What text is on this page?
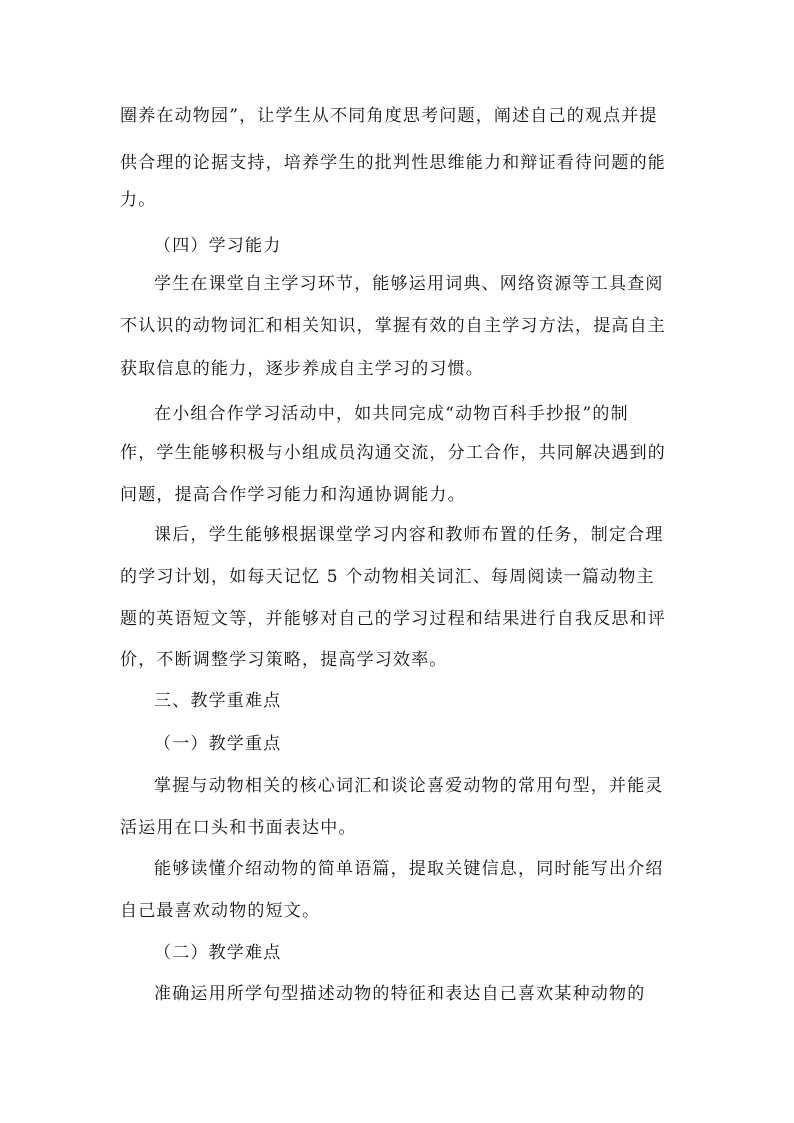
圈养在动物园”，让学生从不同角度思考问题，阐述自己的观点并提
供合理的论据支持，培养学生的批判性思维能力和辩证看待问题的能
力。
（四）学习能力
学生在课堂自主学习环节，能够运用词典、网络资源等工具查阅
不认识的动物词汇和相关知识，掌握有效的自主学习方法，提高自主
获取信息的能力，逐步养成自主学习的习惯。
在小组合作学习活动中，如共同完成“动物百科手抄报”的制
作，学生能够积极与小组成员沟通交流，分工合作，共同解决遇到的
问题，提高合作学习能力和沟通协调能力。
课后，学生能够根据课堂学习内容和教师布置的任务，制定合理
的学习计划，如每天记忆 5 个动物相关词汇、每周阅读一篇动物主
题的英语短文等，并能够对自己的学习过程和结果进行自我反思和评
价，不断调整学习策略，提高学习效率。
三、教学重难点
（一）教学重点
掌握与动物相关的核心词汇和谈论喜爱动物的常用句型，并能灵
活运用在口头和书面表达中。
能够读懂介绍动物的简单语篇，提取关键信息，同时能写出介绍
自己最喜欢动物的短文。
（二）教学难点
准确运用所学句型描述动物的特征和表达自己喜欢某种动物的
